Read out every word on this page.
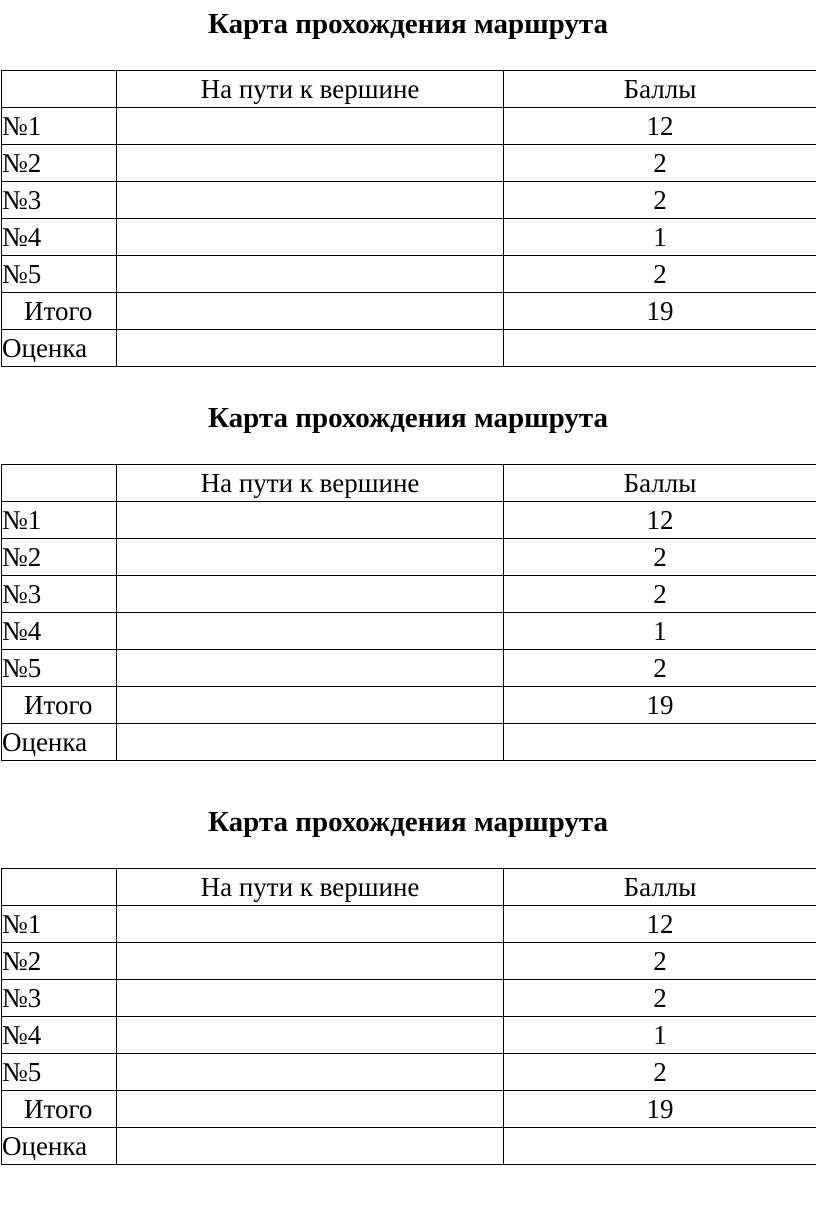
Карта прохождения маршрута
	На пути к вершине	Баллы
№1		12
№2		2
№3		2
№4		1
№5		2
Итого		19
Оценка		
Карта прохождения маршрута
	На пути к вершине	Баллы
№1		12
№2		2
№3		2
№4		1
№5		2
Итого		19
Оценка		
Карта прохождения маршрута
	На пути к вершине	Баллы
№1		12
№2		2
№3		2
№4		1
№5		2
Итого		19
Оценка		
